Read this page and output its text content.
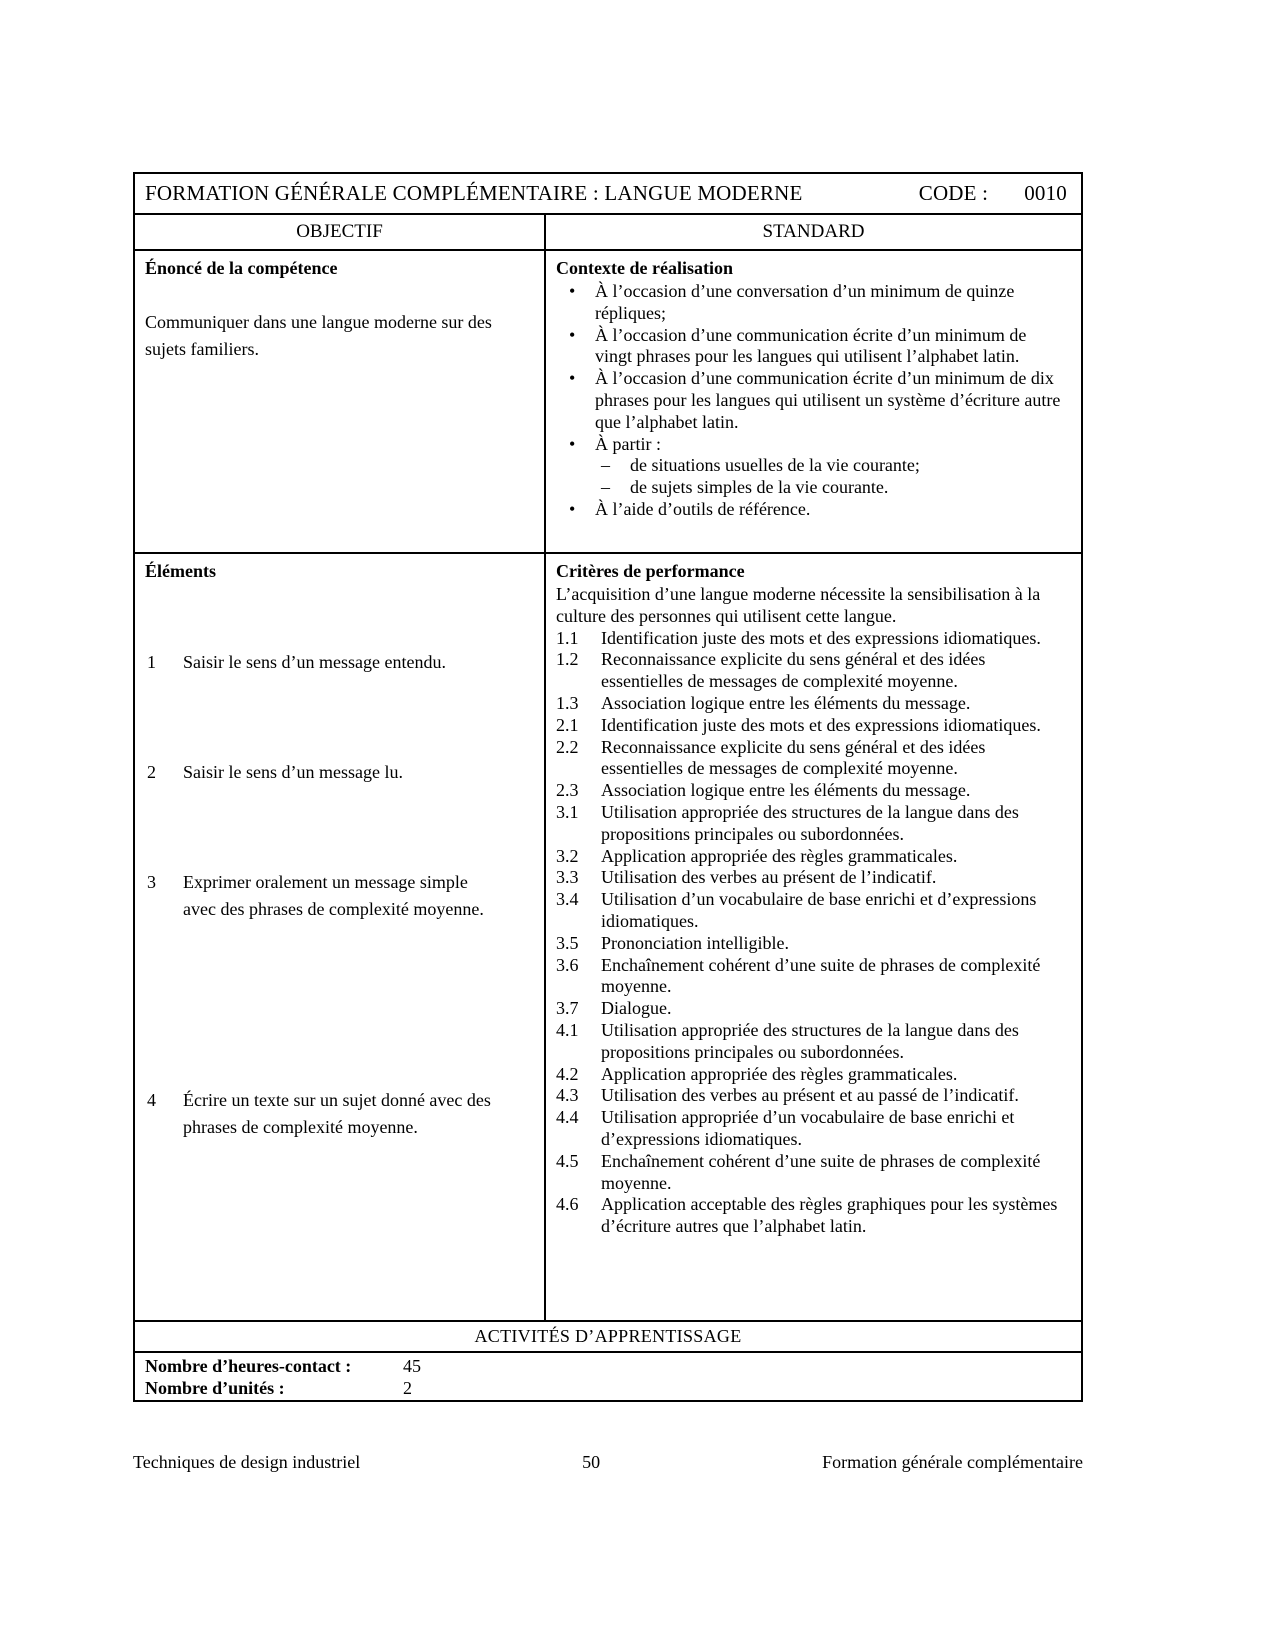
FORMATION GÉNÉRALE COMPLÉMENTAIRE : LANGUE MODERNE	CODE : 0010
OBJECTIF	STANDARD
Énoncé de la compétence

Communiquer dans une langue moderne sur des sujets familiers.

Contexte de réalisation
• À l’occasion d’une conversation d’un minimum de quinze répliques;
• À l’occasion d’une communication écrite d’un minimum de vingt phrases pour les langues qui utilisent l’alphabet latin.
• À l’occasion d’une communication écrite d’un minimum de dix phrases pour les langues qui utilisent un système d’écriture autre que l’alphabet latin.
• À partir :
– de situations usuelles de la vie courante;
– de sujets simples de la vie courante.
• À l’aide d’outils de référence.
Éléments
1	Saisir le sens d’un message entendu.
2	Saisir le sens d’un message lu.
3	Exprimer oralement un message simple avec des phrases de complexité moyenne.
4	Écrire un texte sur un sujet donné avec des phrases de complexité moyenne.
Critères de performance

L’acquisition d’une langue moderne nécessite la sensibilisation à la culture des personnes qui utilisent cette langue.

1.1	Identification juste des mots et des expressions idiomatiques.
1.2	Reconnaissance explicite du sens général et des idées essentielles de messages de complexité moyenne.
1.3	Association logique entre les éléments du message.
2.1	Identification juste des mots et des expressions idiomatiques.
2.2	Reconnaissance explicite du sens général et des idées essentielles de messages de complexité moyenne.
2.3	Association logique entre les éléments du message.
3.1	Utilisation appropriée des structures de la langue dans des propositions principales ou subordonnées.
3.2	Application appropriée des règles grammaticales.
3.3	Utilisation des verbes au présent de l’indicatif.
3.4	Utilisation d’un vocabulaire de base enrichi et d’expressions idiomatiques.
3.5	Prononciation intelligible.
3.6	Enchaînement cohérent d’une suite de phrases de complexité moyenne.
3.7	Dialogue.
4.1	Utilisation appropriée des structures de la langue dans des propositions principales ou subordonnées.
4.2	Application appropriée des règles grammaticales.
4.3	Utilisation des verbes au présent et au passé de l’indicatif.
4.4	Utilisation appropriée d’un vocabulaire de base enrichi et d’expressions idiomatiques.
4.5	Enchaînement cohérent d’une suite de phrases de complexité moyenne.
4.6	Application acceptable des règles graphiques pour les systèmes d’écriture autres que l’alphabet latin.
ACTIVITÉS D’APPRENTISSAGE
Nombre d’heures-contact :	45
Nombre d’unités :	2
Techniques de design industriel	50	Formation générale complémentaire
